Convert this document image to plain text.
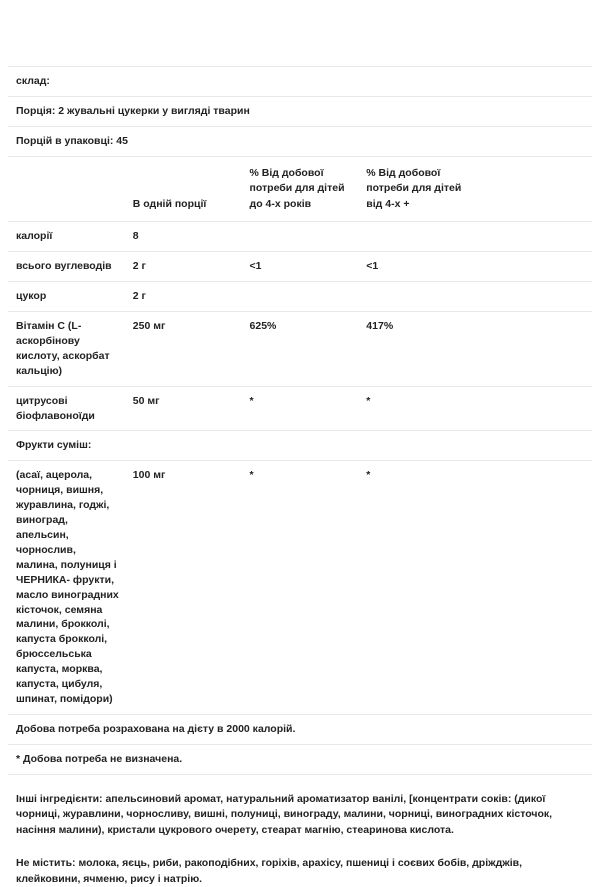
склад:				
Порція: 2 жувальні цукерки у вигляді тварин				
Порцій в упаковці: 45				
	В одній порції	% Від добової потреби для дітей до 4-х років	% Від добової потреби для дітей від 4-х +	
калорії	8			
всього вуглеводів	2 г	<1	<1	
цукор	2 г			
Вітамін C (L-аскорбінову кислоту, аскорбат кальцію)	250 мг	625%	417%	
цитрусові біофлавоноїди	50 мг	*	*	
Фрукти суміш:				
(асаї, ацерола, чорниця, вишня, журавлина, годжі, виноград, апельсин, чорнослив, малина, полуниця і ЧЕРНИКА- фрукти, масло виноградних кісточок, семяна малини, брокколі, капуста брокколі, брюссельська капуста, морква, капуста, цибуля, шпинат, помідори)	100 мг	*	*	
Добова потреба розрахована на дієту в 2000 калорій.				
* Добова потреба не визначена.				

Інші інгредієнти: апельсиновий аромат, натуральний ароматизатор ванілі, [концентрати соків: (дикої чорниці, журавлини, чорносливу, вишні, полуниці, винограду, малини, чорниці, виноградних кісточок, насіння малини), кристали цукрового очерету, стеарат магнію, стеаринова кислота.

Не містить: молока, яєць, риби, ракоподібних, горіхів, арахісу, пшениці і соєвих бобів, дріжджів, клейковини, ячменю, рису і натрію.
